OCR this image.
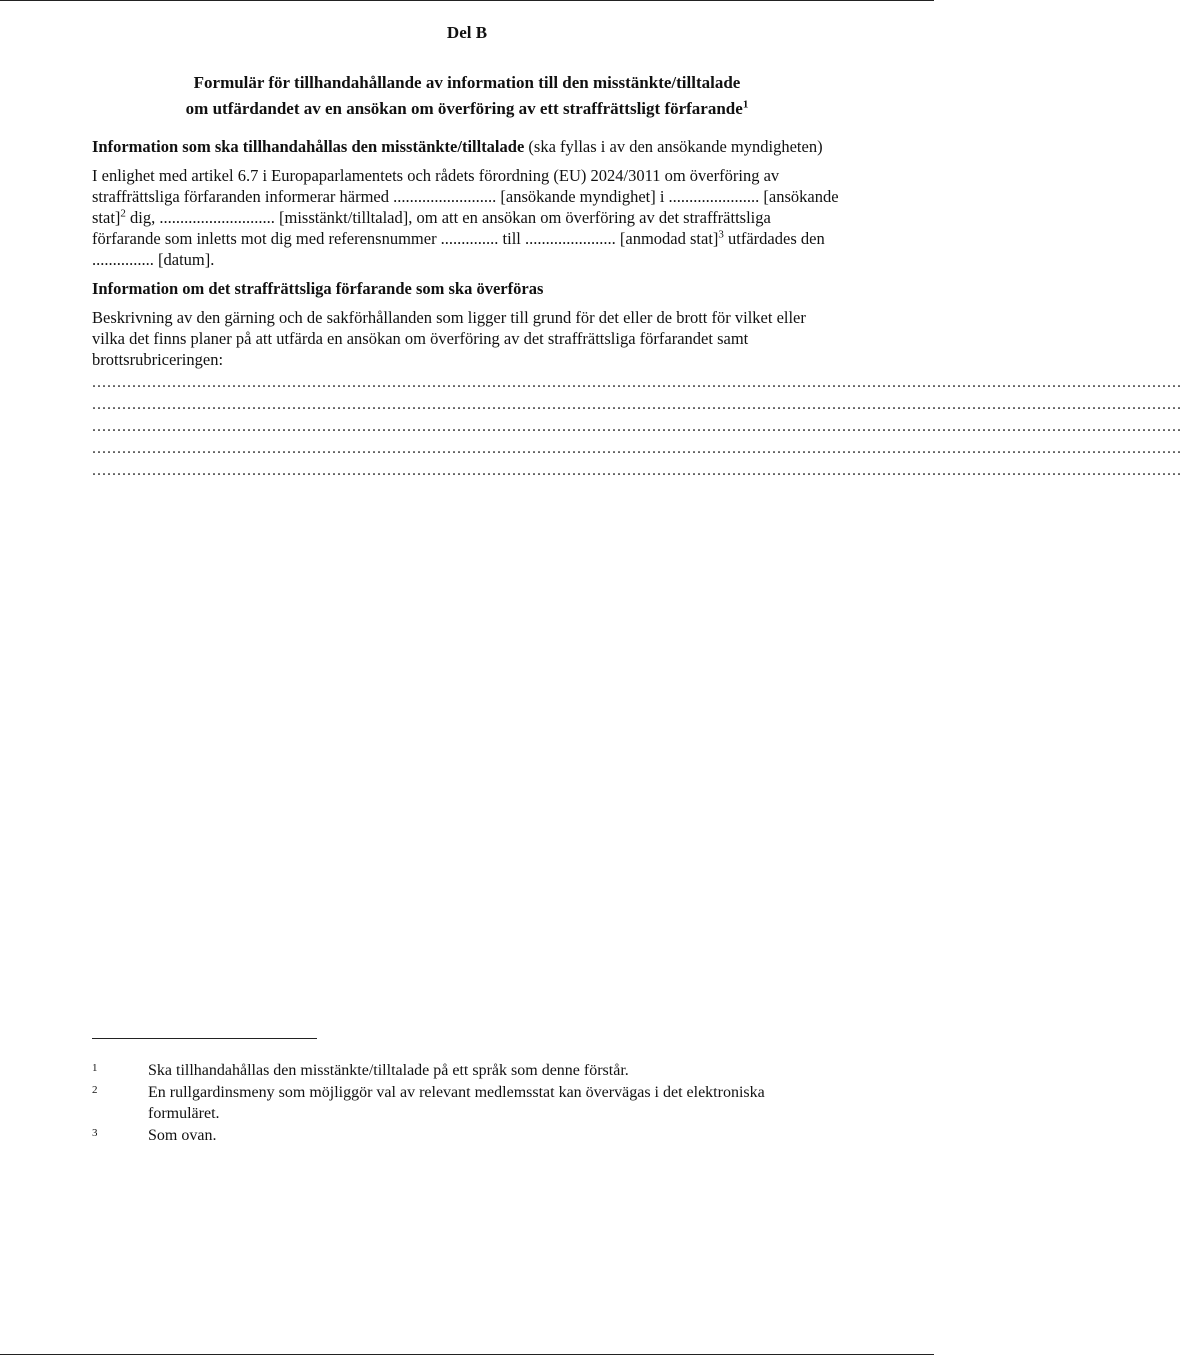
Del B
Formulär för tillhandahållande av information till den misstänkte/tilltalade
om utfärdandet av en ansökan om överföring av ett straffrättsligt förfarande$^1$

Information som ska tillhandahållas den misstänkte/tilltalade (ska fyllas i av den ansökande myndigheten)

I enlighet med artikel 6.7 i Europaparlamentets och rådets förordning (EU) 2024/3011 om överföring av straffrättsliga förfaranden informerar härmed ......................... [ansökande myndighet] i ...................... [ansökande stat]$^2$ dig, ............................ [misstänkt/tilltalad], om att en ansökan om överföring av det straffrättsliga förfarande som inletts mot dig med referensnummer .............. till ...................... [anmodad stat]$^3$ utfärdades den ............... [datum].

Information om det straffrättsliga förfarande som ska överföras

Beskrivning av den gärning och de sakförhållanden som ligger till grund för det eller de brott för vilket eller vilka det finns planer på att utfärda en ansökan om överföring av det straffrättsliga förfarandet samt brottsrubriceringen:

..........................................................................................................................................................................................................................
..........................................................................................................................................................................................................................
..........................................................................................................................................................................................................................
..........................................................................................................................................................................................................................
..........................................................................................................................................................................................................................
1	Ska tillhandahållas den misstänkte/tilltalade på ett språk som denne förstår.
2	En rullgardinsmeny som möjliggör val av relevant medlemsstat kan övervägas i det elektroniska formuläret.
3	Som ovan.
